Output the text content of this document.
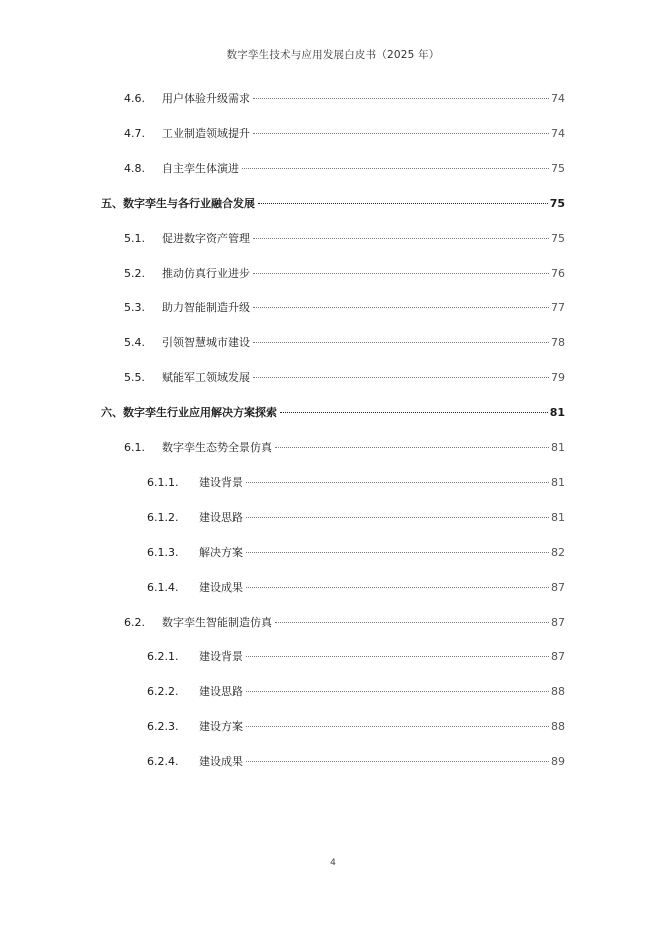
数字孪生技术与应用发展白皮书（2025 年）
4.6.	用户体验升级需求	74
4.7.	工业制造领域提升	74
4.8.	自主孪生体演进	75
五、 数字孪生与各行业融合发展	75
5.1.	促进数字资产管理	75
5.2.	推动仿真行业进步	76
5.3.	助力智能制造升级	77
5.4.	引领智慧城市建设	78
5.5.	赋能军工领域发展	79
六、 数字孪生行业应用解决方案探索	81
6.1.	数字孪生态势全景仿真	81
6.1.1.	建设背景	81
6.1.2.	建设思路	81
6.1.3.	解决方案	82
6.1.4.	建设成果	87
6.2.	数字孪生智能制造仿真	87
6.2.1.	建设背景	87
6.2.2.	建设思路	88
6.2.3.	建设方案	88
6.2.4.	建设成果	89
4
